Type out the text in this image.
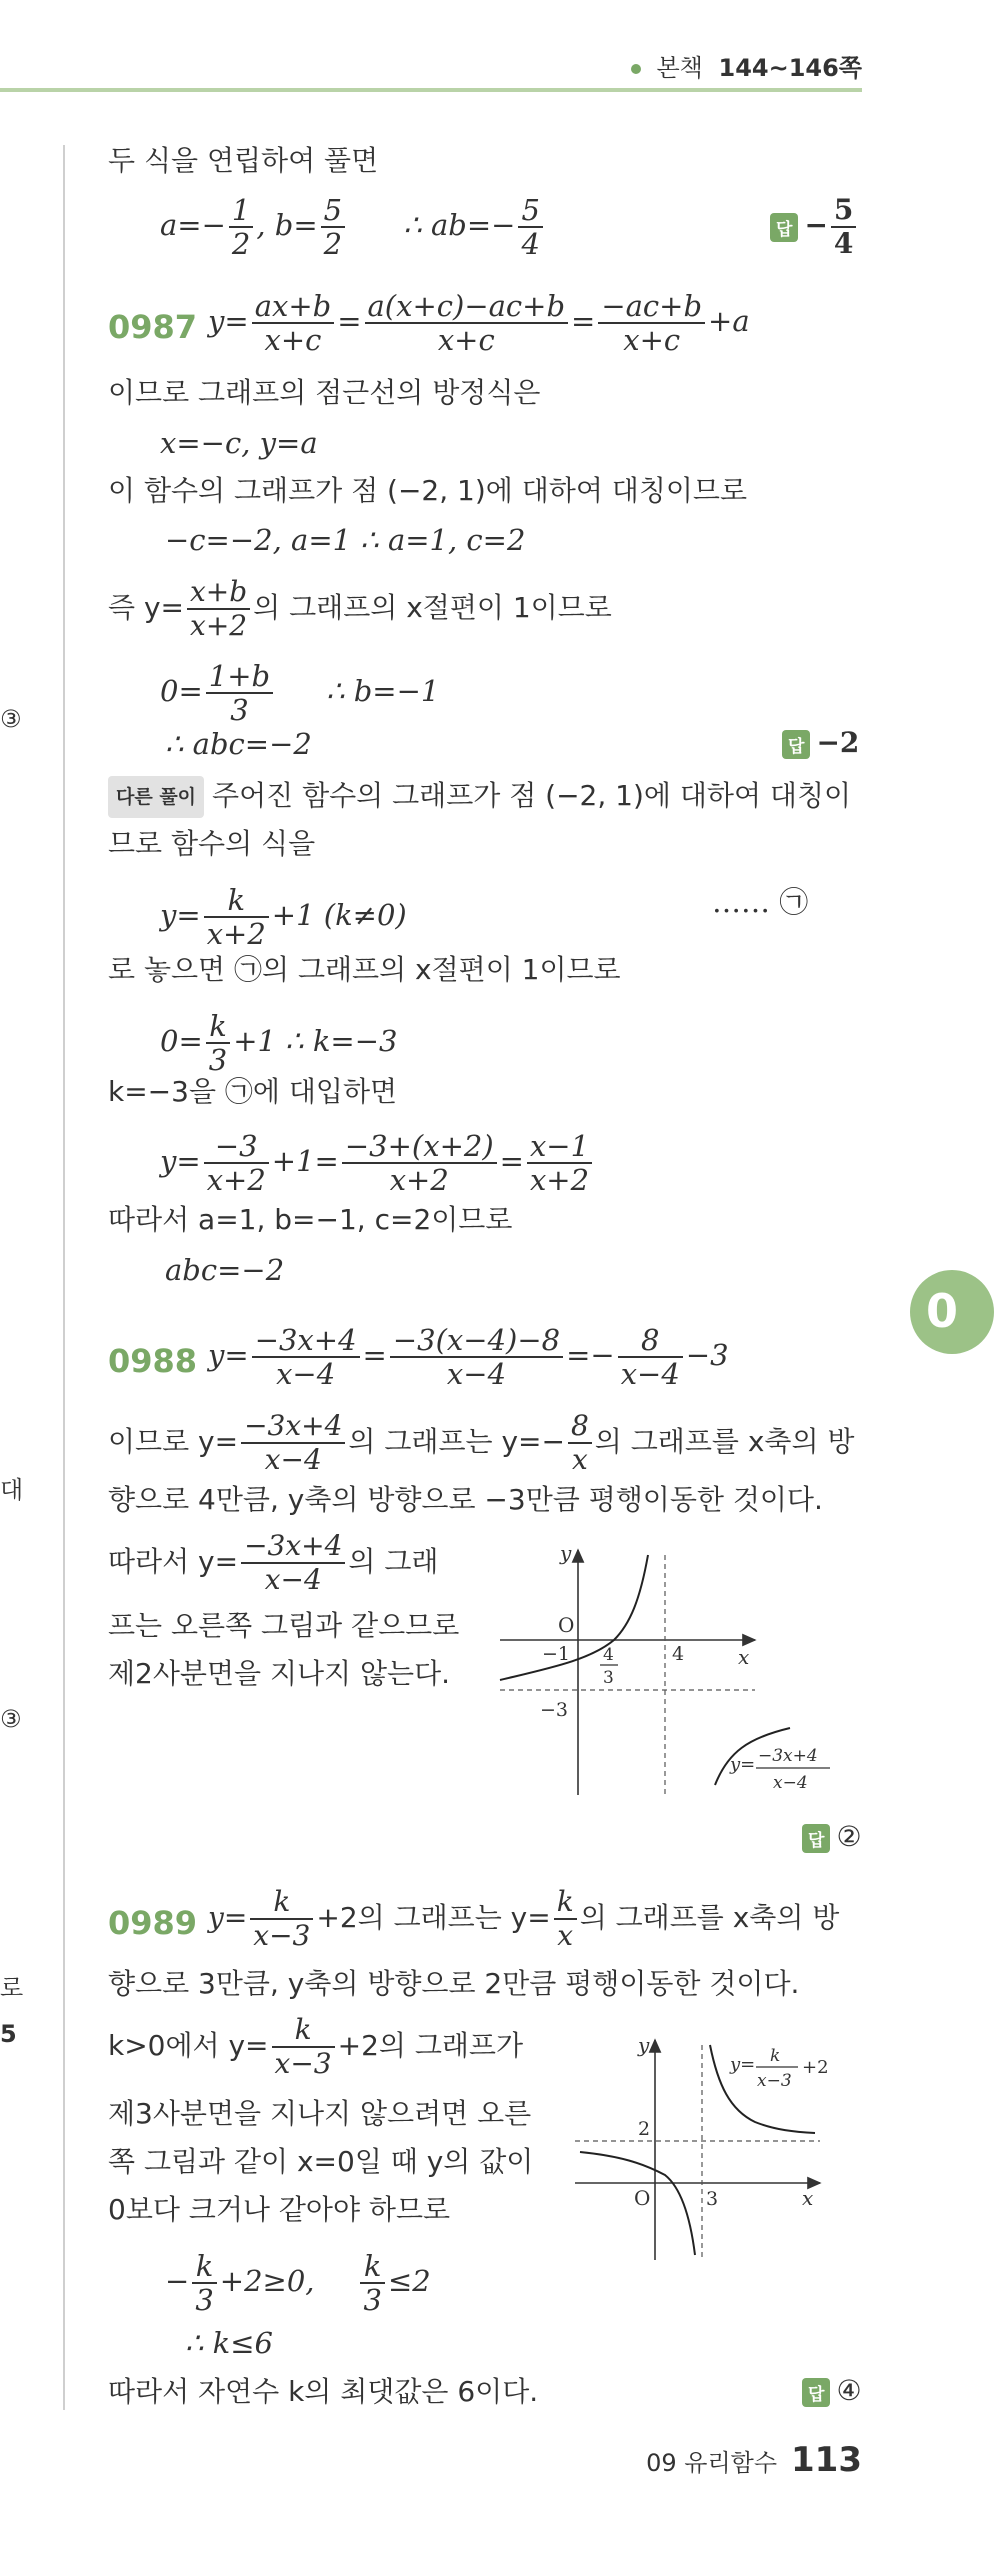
본책 144~146쪽
③
대
③
로
5
0
두 식을 연립하여 풀면
$a=- \frac{1}{2}$ , $b= \frac{5}{2}$ ∴ $ab=- \frac{5}{4}$	답 − $\frac{5}{4}$
0987 $y= \frac{ax+b}{x+c} = \frac{a(x+c)-ac+b}{x+c} = \frac{-ac+b}{x+c} +a$
이므로 그래프의 점근선의 방정식은
x=−c, y=a
이 함수의 그래프가 점 (−2, 1)에 대하여 대칭이므로
−c=−2, a=1 ∴ a=1, c=2
즉 $y= \frac{x+b}{x+2}$ 의 그래프의 x절편이 1이므로
$0= \frac{1+b}{3}$ ∴ b=−1
∴ abc=−2	답 −2
다른 풀이 주어진 함수의 그래프가 점 (−2, 1)에 대하여 대칭이
므로 함수의 식을
$y= \frac{k}{x+2} +1$ (k≠0)	…… ㉠
로 놓으면 ㉠의 그래프의 x절편이 1이므로
$0= \frac{k}{3} +1$ ∴ k=−3
k=−3을 ㉠에 대입하면
$y= \frac{-3}{x+2} +1= \frac{-3+(x+2)}{x+2} = \frac{x-1}{x+2}$
따라서 a=1, b=−1, c=2이므로
abc=−2
0988 $y= \frac{-3x+4}{x-4} = \frac{-3(x-4)-8}{x-4} =- \frac{8}{x-4} -3$
이므로 $y= \frac{-3x+4}{x-4}$ 의 그래프는 $y=- \frac{8}{x}$ 의 그래프를 x축의 방
향으로 4만큼, y축의 방향으로 −3만큼 평행이동한 것이다.
따라서 $y= \frac{-3x+4}{x-4}$ 의 그래
프는 오른쪽 그림과 같으므로
제2사분면을 지나지 않는다.
y
x
O
−1 4
3
4
−3
y= −3x+4
x−4
답 ②
0989 $y= \frac{k}{x-3} +2$의 그래프는 $y= \frac{k}{x}$ 의 그래프를 x축의 방
향으로 3만큼, y축의 방향으로 2만큼 평행이동한 것이다.
k>0에서 $y= \frac{k}{x-3} +2$의 그래프가
제3사분면을 지나지 않으려면 오른
쪽 그림과 같이 x=0일 때 y의 값이
0보다 크거나 같아야 하므로
− $\frac{k}{3} +2\ge 0$, $\frac{k}{3} \le 2$
∴ k≤6
따라서 자연수 k의 최댓값은 6이다.
y
x
O
2
3
y= k
x−3
+2
답 ④
09 유리함수 113
